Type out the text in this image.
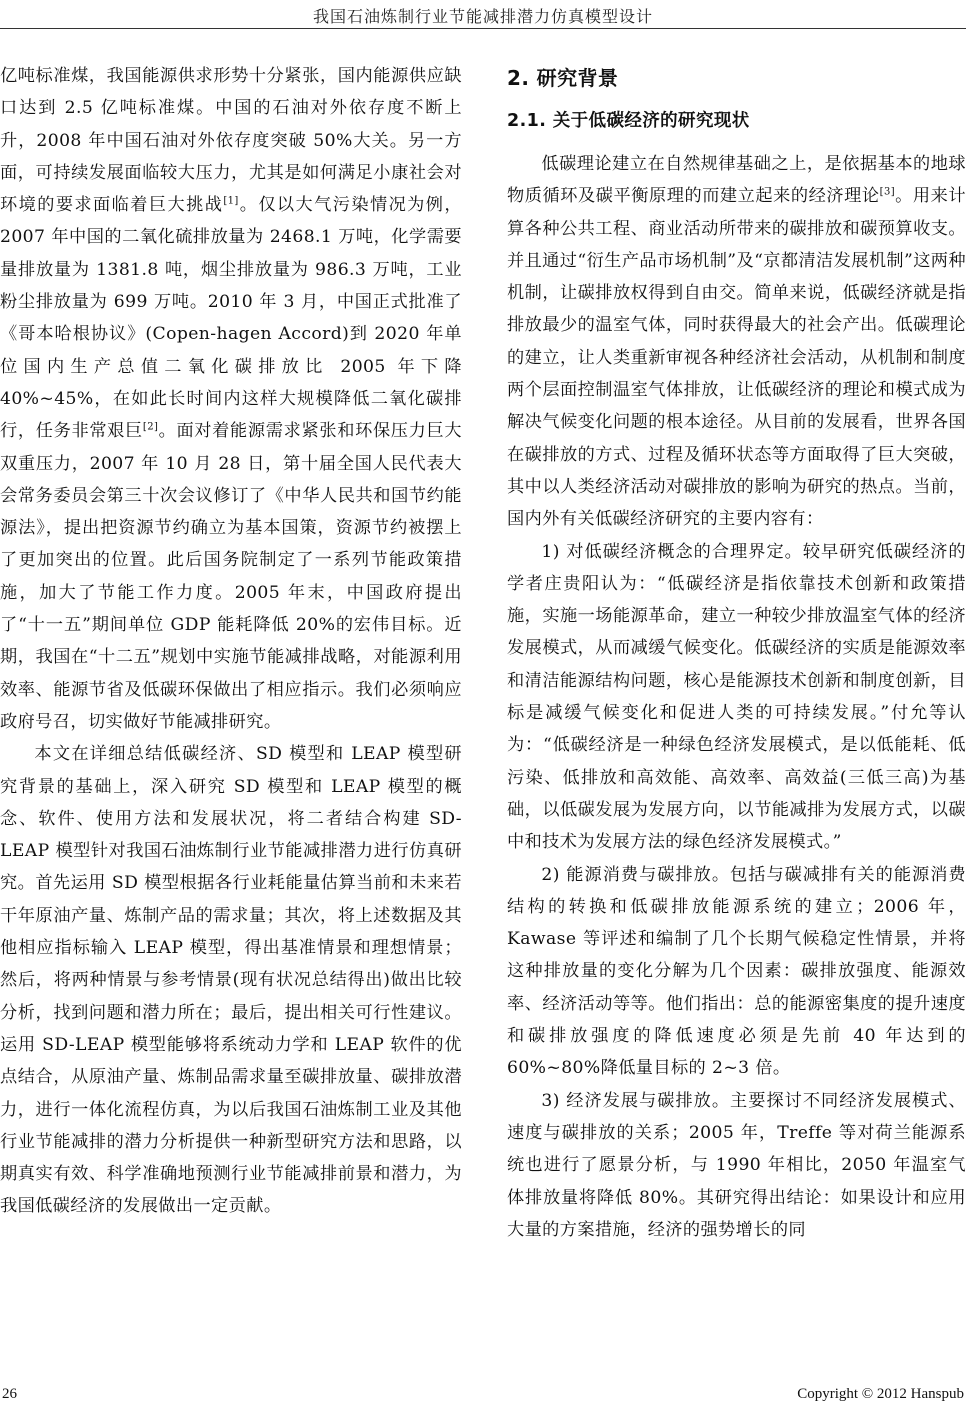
我国石油炼制行业节能减排潜力仿真模型设计

亿吨标准煤，我国能源供求形势十分紧张，国内能源供应缺口达到 2.5 亿吨标准煤。中国的石油对外依存度不断上升，2008 年中国石油对外依存度突破 50%大关。另一方面，可持续发展面临较大压力，尤其是如何满足小康社会对环境的要求面临着巨大挑战[1]。仅以大气污染情况为例，2007 年中国的二氧化硫排放量为 2468.1 万吨，化学需要量排放量为 1381.8 吨，烟尘排放量为 986.3 万吨，工业粉尘排放量为 699 万吨。2010 年 3 月，中国正式批准了《哥本哈根协议》(Copen-hagen Accord)到 2020 年单位国内生产总值二氧化碳排放比 2005 年下降 40%~45%，在如此长时间内这样大规模降低二氧化碳排行，任务非常艰巨[2]。面对着能源需求紧张和环保压力巨大双重压力，2007 年 10 月 28 日，第十届全国人民代表大会常务委员会第三十次会议修订了《中华人民共和国节约能源法》，提出把资源节约确立为基本国策，资源节约被摆上了更加突出的位置。此后国务院制定了一系列节能政策措施，加大了节能工作力度。2005 年末，中国政府提出了“十一五”期间单位 GDP 能耗降低 20%的宏伟目标。近期，我国在“十二五”规划中实施节能减排战略，对能源利用效率、能源节省及低碳环保做出了相应指示。我们必须响应政府号召，切实做好节能减排研究。

本文在详细总结低碳经济、SD 模型和 LEAP 模型研究背景的基础上，深入研究 SD 模型和 LEAP 模型的概念、软件、使用方法和发展状况，将二者结合构建 SD-LEAP 模型针对我国石油炼制行业节能减排潜力进行仿真研究。首先运用 SD 模型根据各行业耗能量估算当前和未来若干年原油产量、炼制产品的需求量；其次，将上述数据及其他相应指标输入 LEAP 模型，得出基准情景和理想情景；然后，将两种情景与参考情景(现有状况总结得出)做出比较分析，找到问题和潜力所在；最后，提出相关可行性建议。运用 SD-LEAP 模型能够将系统动力学和 LEAP 软件的优点结合，从原油产量、炼制品需求量至碳排放量、碳排放潜力，进行一体化流程仿真，为以后我国石油炼制工业及其他行业节能减排的潜力分析提供一种新型研究方法和思路，以期真实有效、科学准确地预测行业节能减排前景和潜力，为我国低碳经济的发展做出一定贡献。

2. 研究背景
2.1. 关于低碳经济的研究现状

低碳理论建立在自然规律基础之上，是依据基本的地球物质循环及碳平衡原理的而建立起来的经济理论[3]。用来计算各种公共工程、商业活动所带来的碳排放和碳预算收支。并且通过“衍生产品市场机制”及“京都清洁发展机制”这两种机制，让碳排放权得到自由交。简单来说，低碳经济就是指排放最少的温室气体，同时获得最大的社会产出。低碳理论的建立，让人类重新审视各种经济社会活动，从机制和制度两个层面控制温室气体排放，让低碳经济的理论和模式成为解决气候变化问题的根本途径。从目前的发展看，世界各国在碳排放的方式、过程及循环状态等方面取得了巨大突破，其中以人类经济活动对碳排放的影响为研究的热点。当前，国内外有关低碳经济研究的主要内容有：

1) 对低碳经济概念的合理界定。较早研究低碳经济的学者庄贵阳认为：“低碳经济是指依靠技术创新和政策措施，实施一场能源革命，建立一种较少排放温室气体的经济发展模式，从而减缓气候变化。低碳经济的实质是能源效率和清洁能源结构问题，核心是能源技术创新和制度创新，目标是减缓气候变化和促进人类的可持续发展。”付允等认为：“低碳经济是一种绿色经济发展模式，是以低能耗、低污染、低排放和高效能、高效率、高效益(三低三高)为基础，以低碳发展为发展方向，以节能减排为发展方式，以碳中和技术为发展方法的绿色经济发展模式。”

2) 能源消费与碳排放。包括与碳减排有关的能源消费结构的转换和低碳排放能源系统的建立；2006 年，Kawase 等评述和编制了几个长期气候稳定性情景，并将这种排放量的变化分解为几个因素：碳排放强度、能源效率、经济活动等等。他们指出：总的能源密集度的提升速度和碳排放强度的降低速度必须是先前 40 年达到的 60%~80%降低量目标的 2~3 倍。

3) 经济发展与碳排放。主要探讨不同经济发展模式、速度与碳排放的关系；2005 年，Treffe 等对荷兰能源系统也进行了愿景分析，与 1990 年相比，2050 年温室气体排放量将降低 80%。其研究得出结论：如果设计和应用大量的方案措施，经济的强势增长的同

26	Copyright © 2012 Hanspub
